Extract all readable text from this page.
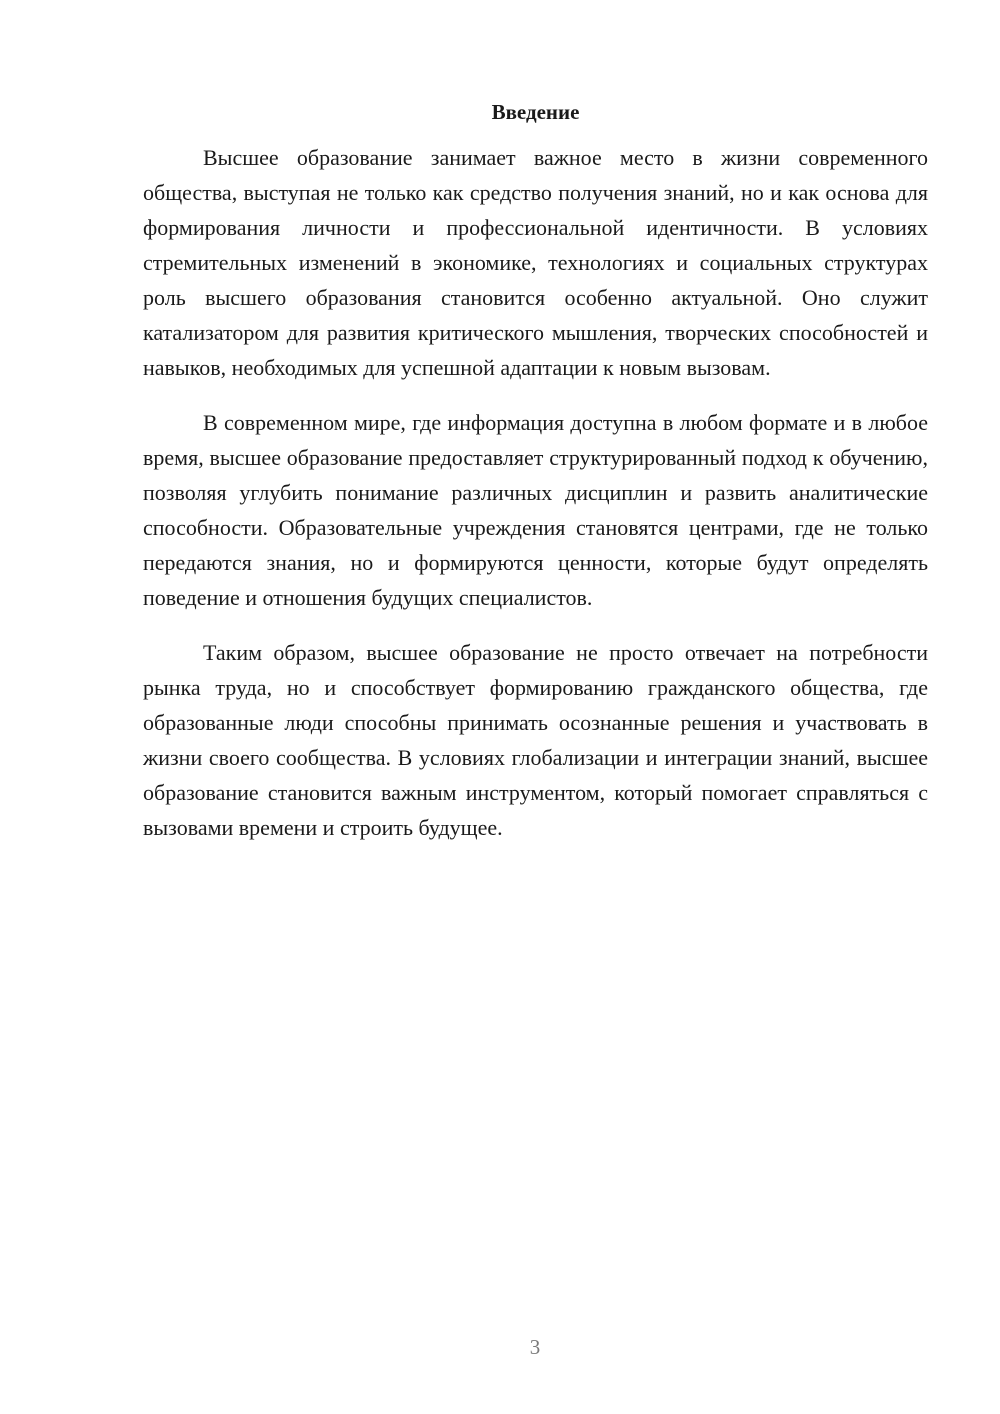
Введение

Высшее образование занимает важное место в жизни современного общества, выступая не только как средство получения знаний, но и как основа для формирования личности и профессиональной идентичности. В условиях стремительных изменений в экономике, технологиях и социальных структурах роль высшего образования становится особенно актуальной. Оно служит катализатором для развития критического мышления, творческих способностей и навыков, необходимых для успешной адаптации к новым вызовам.

В современном мире, где информация доступна в любом формате и в любое время, высшее образование предоставляет структурированный подход к обучению, позволяя углубить понимание различных дисциплин и развить аналитические способности. Образовательные учреждения становятся центрами, где не только передаются знания, но и формируются ценности, которые будут определять поведение и отношения будущих специалистов.

Таким образом, высшее образование не просто отвечает на потребности рынка труда, но и способствует формированию гражданского общества, где образованные люди способны принимать осознанные решения и участвовать в жизни своего сообщества. В условиях глобализации и интеграции знаний, высшее образование становится важным инструментом, который помогает справляться с вызовами времени и строить будущее.

3
